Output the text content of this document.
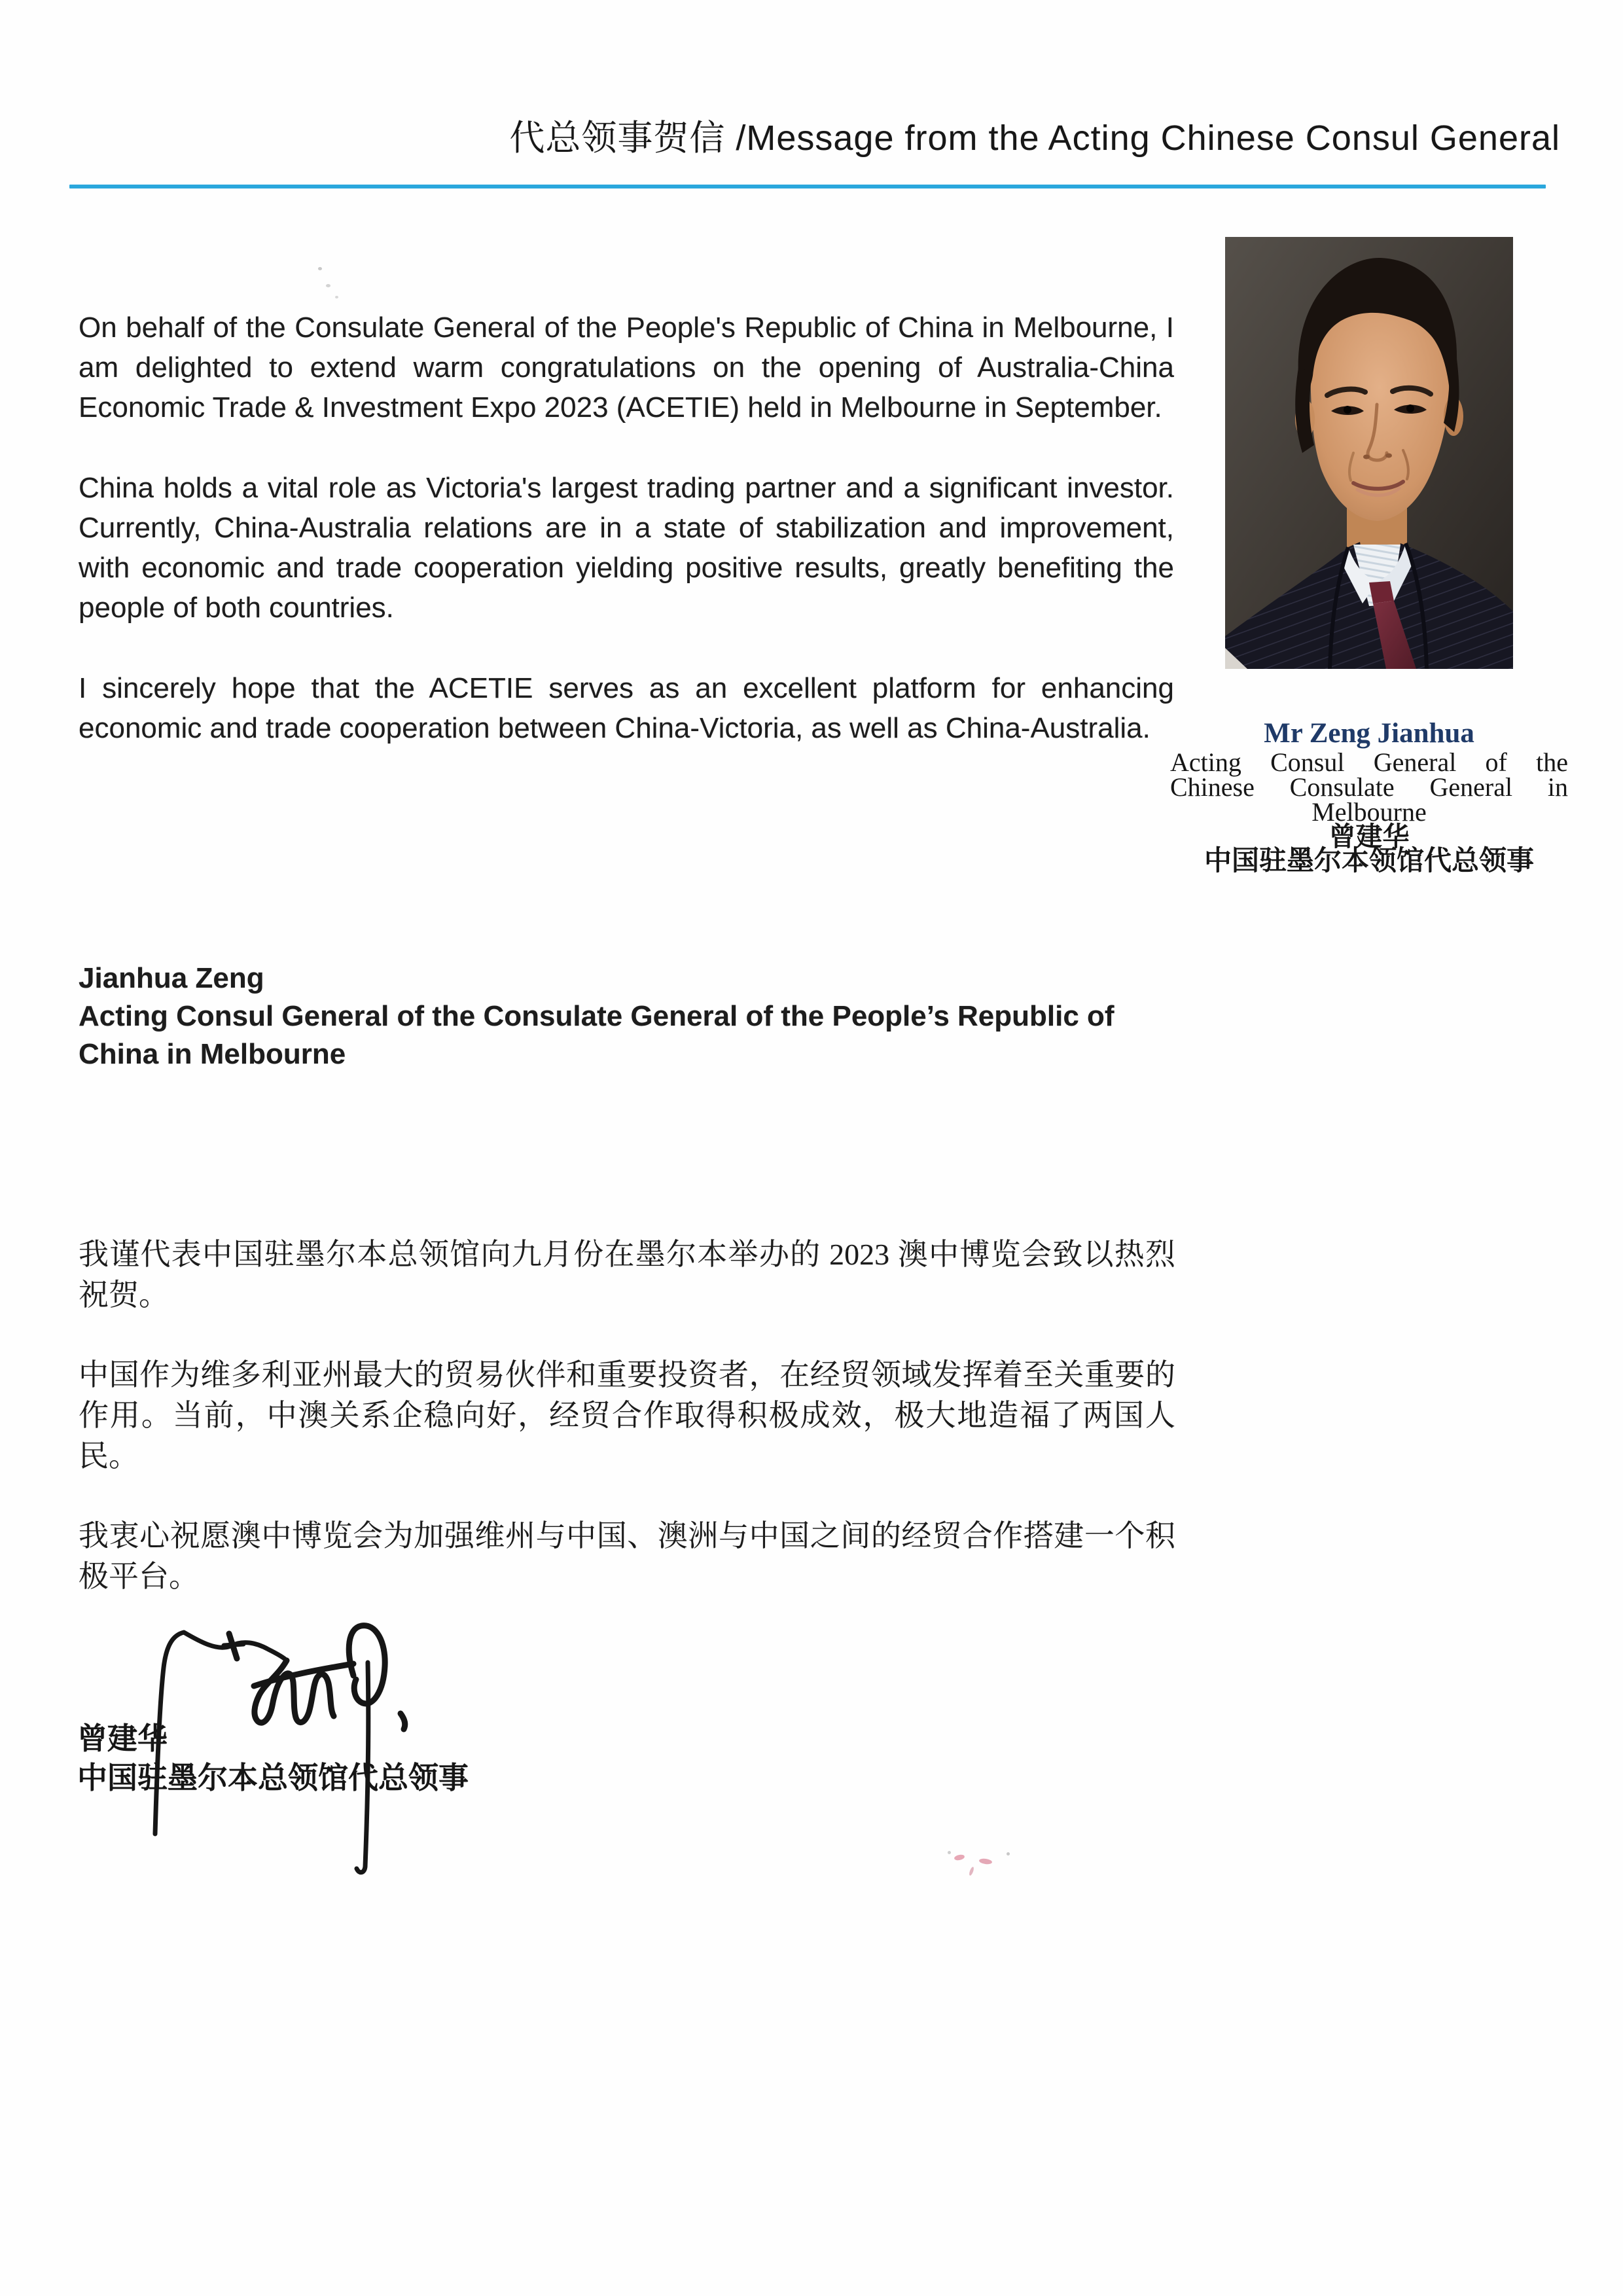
代总领事贺信 /Message from the Acting Chinese Consul General

On behalf of the Consulate General of the People's Republic of China in Melbourne, I am delighted to extend warm congratulations on the opening of Australia-China Economic Trade & Investment Expo 2023 (ACETIE) held in Melbourne in September.

China holds a vital role as Victoria's largest trading partner and a significant investor. Currently, China-Australia relations are in a state of stabilization and improvement, with economic and trade cooperation yielding positive results, greatly benefiting the people of both countries.

I sincerely hope that the ACETIE serves as an excellent platform for enhancing economic and trade cooperation between China-Victoria, as well as China-Australia.

Jianhua Zeng
Acting Consul General of the Consulate General of the People’s Republic of China in Melbourne
Mr Zeng Jianhua
Acting Consul General of the
Chinese Consulate General in
Melbourne
曾建华
中国驻墨尔本领馆代总领事

我谨代表中国驻墨尔本总领馆向九月份在墨尔本举办的 2023 澳中博览会致以热烈祝贺。

中国作为维多利亚州最大的贸易伙伴和重要投资者，在经贸领域发挥着至关重要的作用。当前，中澳关系企稳向好，经贸合作取得积极成效，极大地造福了两国人民。

我衷心祝愿澳中博览会为加强维州与中国、澳洲与中国之间的经贸合作搭建一个积极平台。

曾建华
中国驻墨尔本总领馆代总领事
